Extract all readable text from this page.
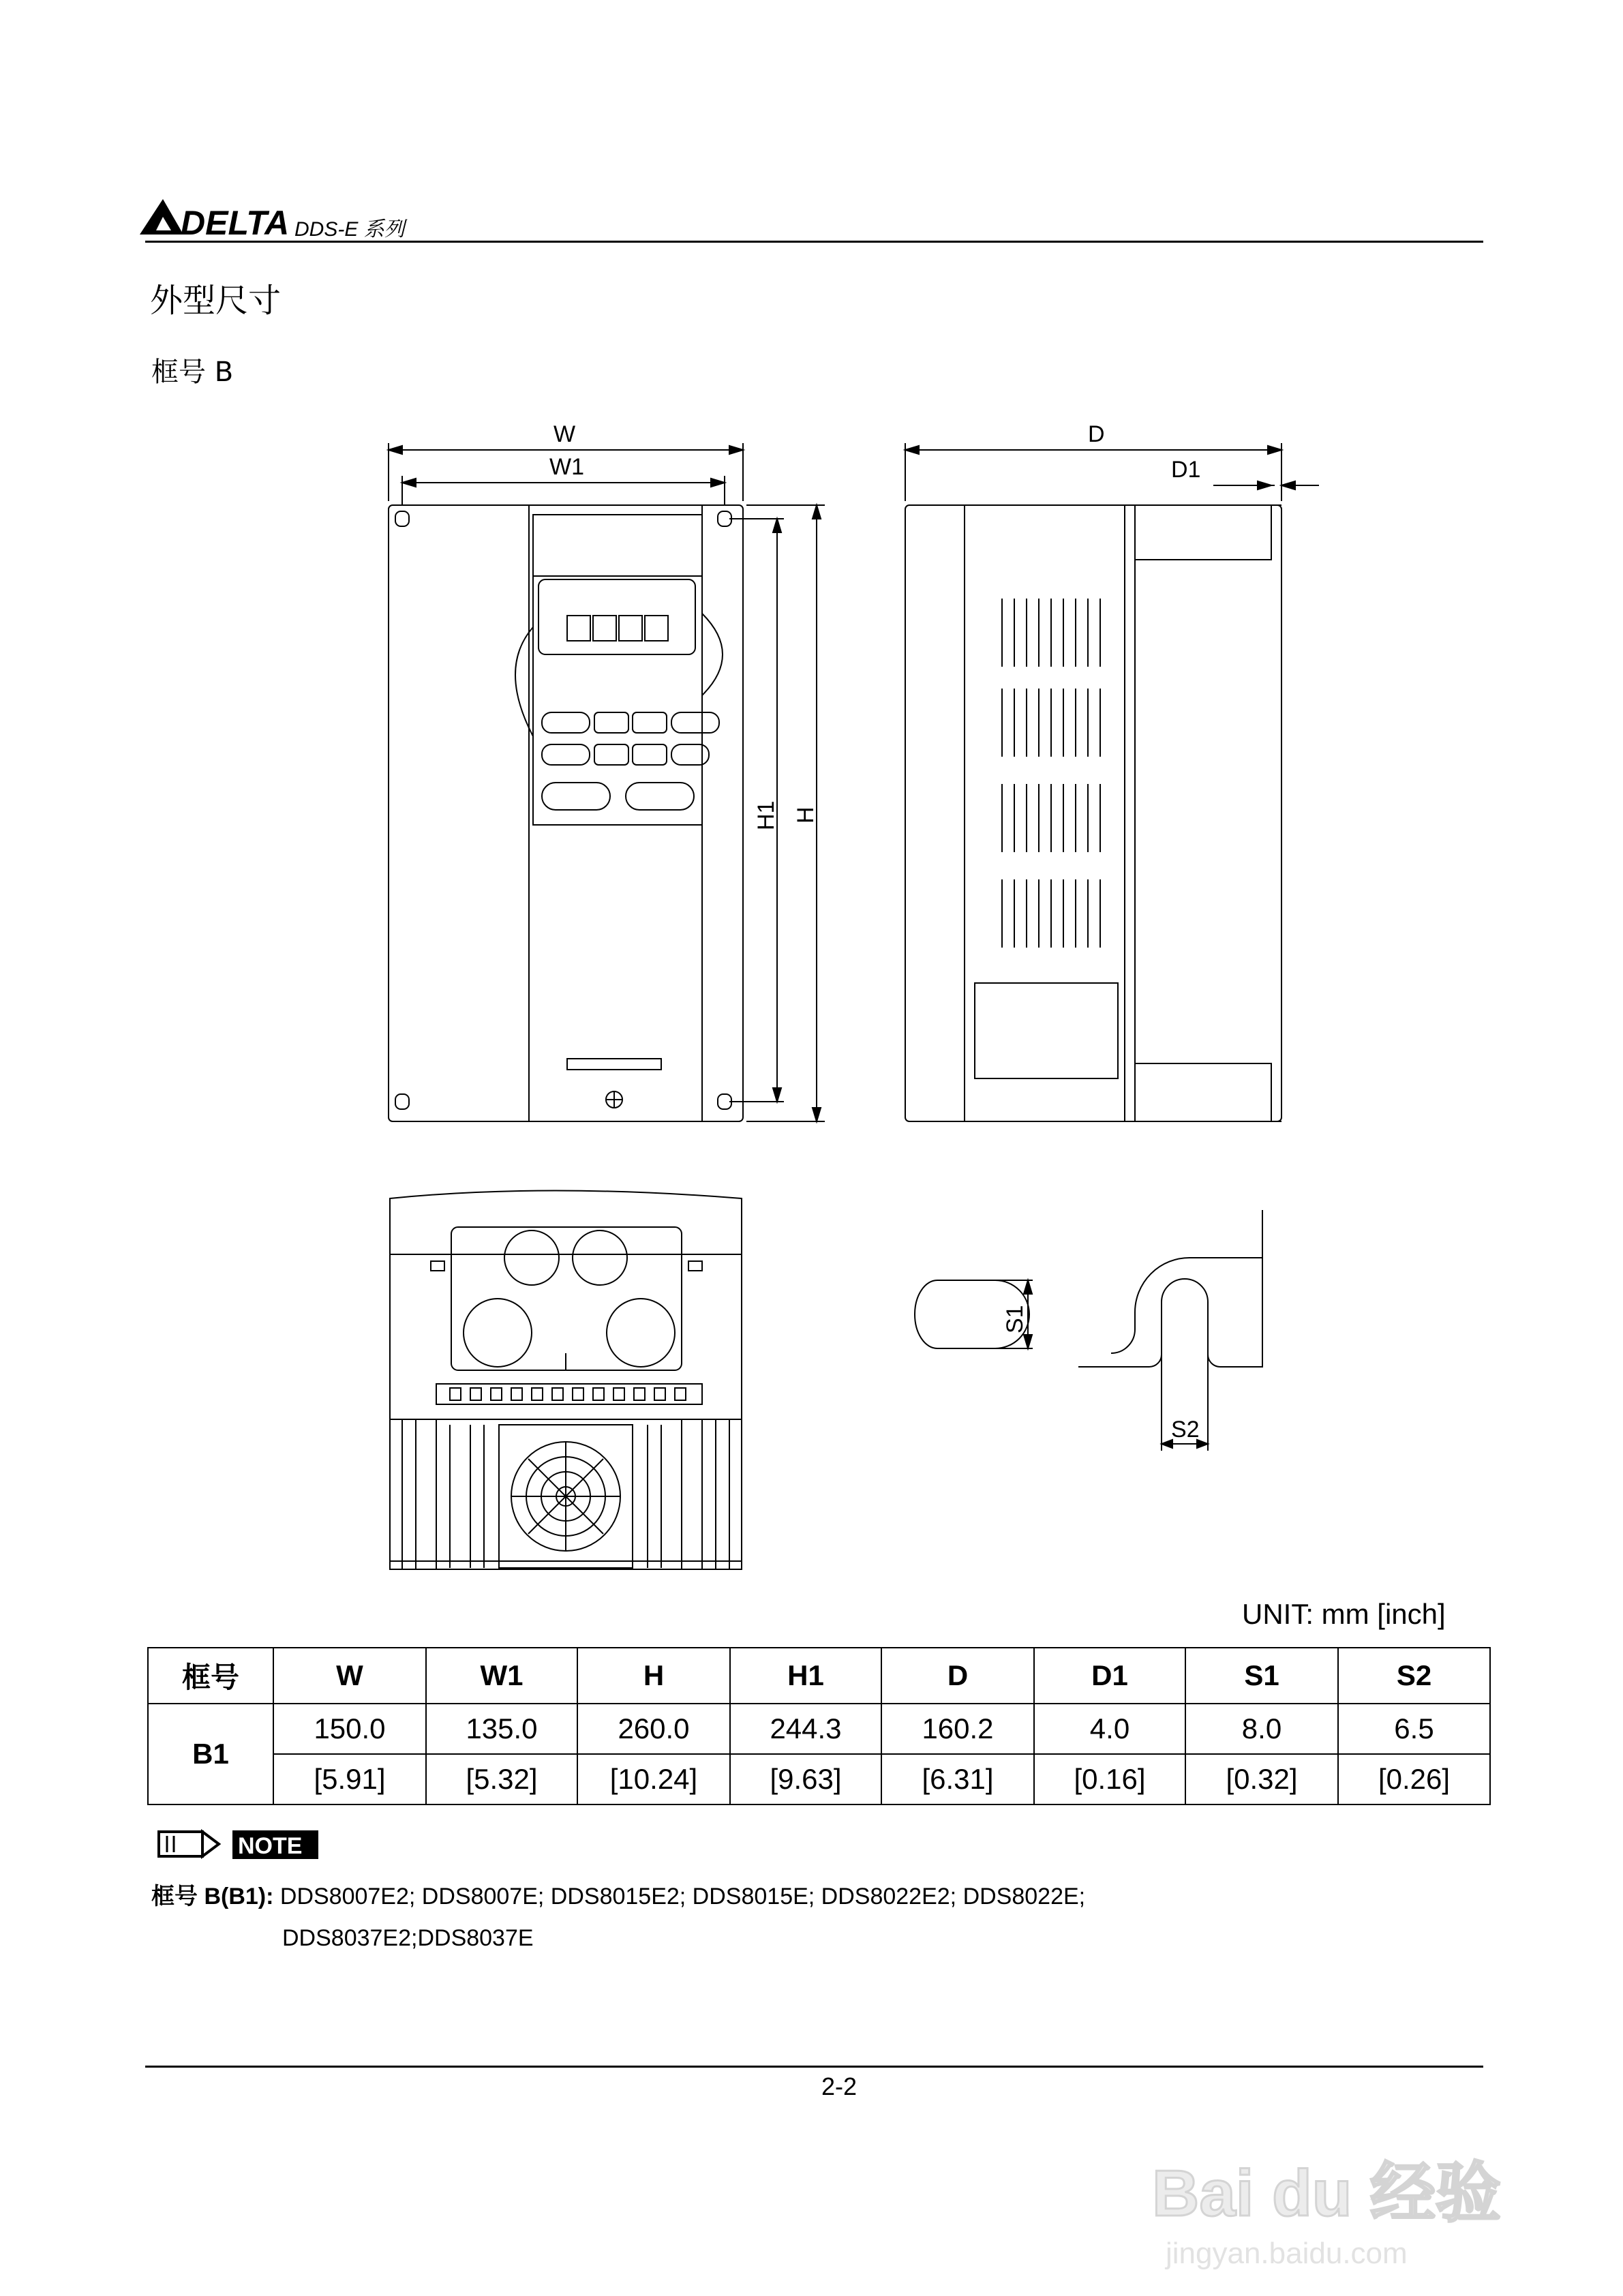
DELTA DDS-E 系列
外型尺寸
框号 B
W
W1
D
D1
H1 H
S1
S2
UNIT: mm [inch]
框号	W	W1	H	H1	D	D1	S1	S2
B1	150.0	135.0	260.0	244.3	160.2	4.0	8.0	6.5
	[5.91]	[5.32]	[10.24]	[9.63]	[6.31]	[0.16]	[0.32]	[0.26]
NOTE
框号 B(B1): DDS8007E2; DDS8007E; DDS8015E2; DDS8015E; DDS8022E2; DDS8022E;
DDS8037E2;DDS8037E
2-2
Bai du 经验
jingyan.baidu.com
